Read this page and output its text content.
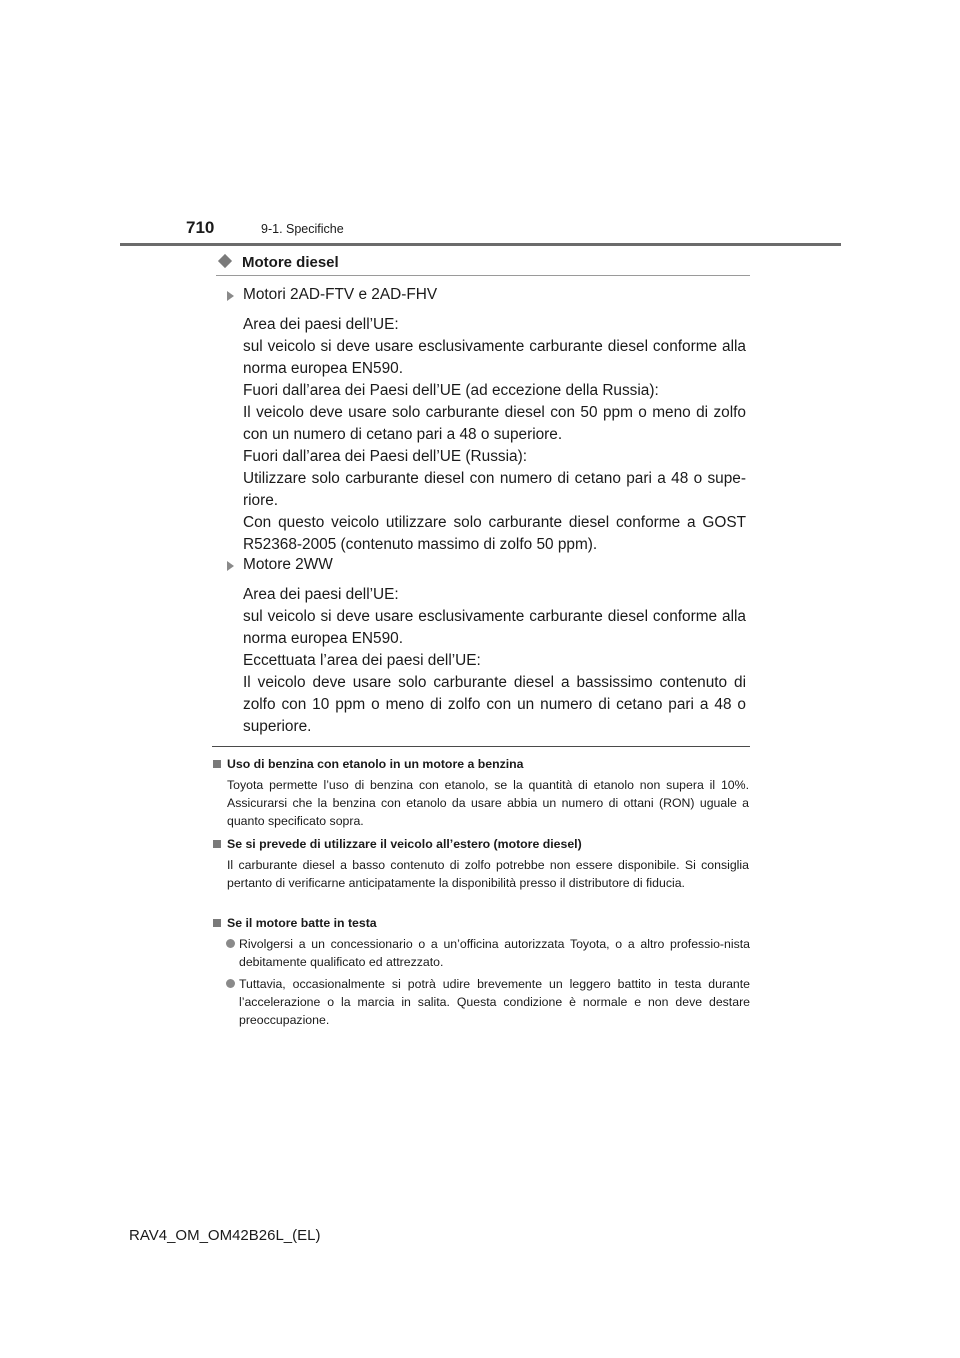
710	9-1. Specifiche
Motore diesel
Motori 2AD-FTV e 2AD-FHV
Area dei paesi dell’UE:
sul veicolo si deve usare esclusivamente carburante diesel conforme alla norma europea EN590.
Fuori dall’area dei Paesi dell’UE (ad eccezione della Russia):
Il veicolo deve usare solo carburante diesel con 50 ppm o meno di zolfo con un numero di cetano pari a 48 o superiore.
Fuori dall’area dei Paesi dell’UE (Russia):
Utilizzare solo carburante diesel con numero di cetano pari a 48 o supe-riore.
Con questo veicolo utilizzare solo carburante diesel conforme a GOST R52368-2005 (contenuto massimo di zolfo 50 ppm).
Motore 2WW
Area dei paesi dell’UE:
sul veicolo si deve usare esclusivamente carburante diesel conforme alla norma europea EN590.
Eccettuata l’area dei paesi dell’UE:
Il veicolo deve usare solo carburante diesel a bassissimo contenuto di zolfo con 10 ppm o meno di zolfo con un numero di cetano pari a 48 o superiore.
Uso di benzina con etanolo in un motore a benzina
Toyota permette l’uso di benzina con etanolo, se la quantità di etanolo non supera il 10%. Assicurarsi che la benzina con etanolo da usare abbia un numero di ottani (RON) uguale a quanto specificato sopra.
Se si prevede di utilizzare il veicolo all’estero (motore diesel)
Il carburante diesel a basso contenuto di zolfo potrebbe non essere disponibile. Si consiglia pertanto di verificarne anticipatamente la disponibilità presso il distributore di fiducia.
Se il motore batte in testa
Rivolgersi a un concessionario o a un’officina autorizzata Toyota, o a altro professio-nista debitamente qualificato ed attrezzato.
Tuttavia, occasionalmente si potrà udire brevemente un leggero battito in testa durante l’accelerazione o la marcia in salita. Questa condizione è normale e non deve destare preoccupazione.
RAV4_OM_OM42B26L_(EL)
